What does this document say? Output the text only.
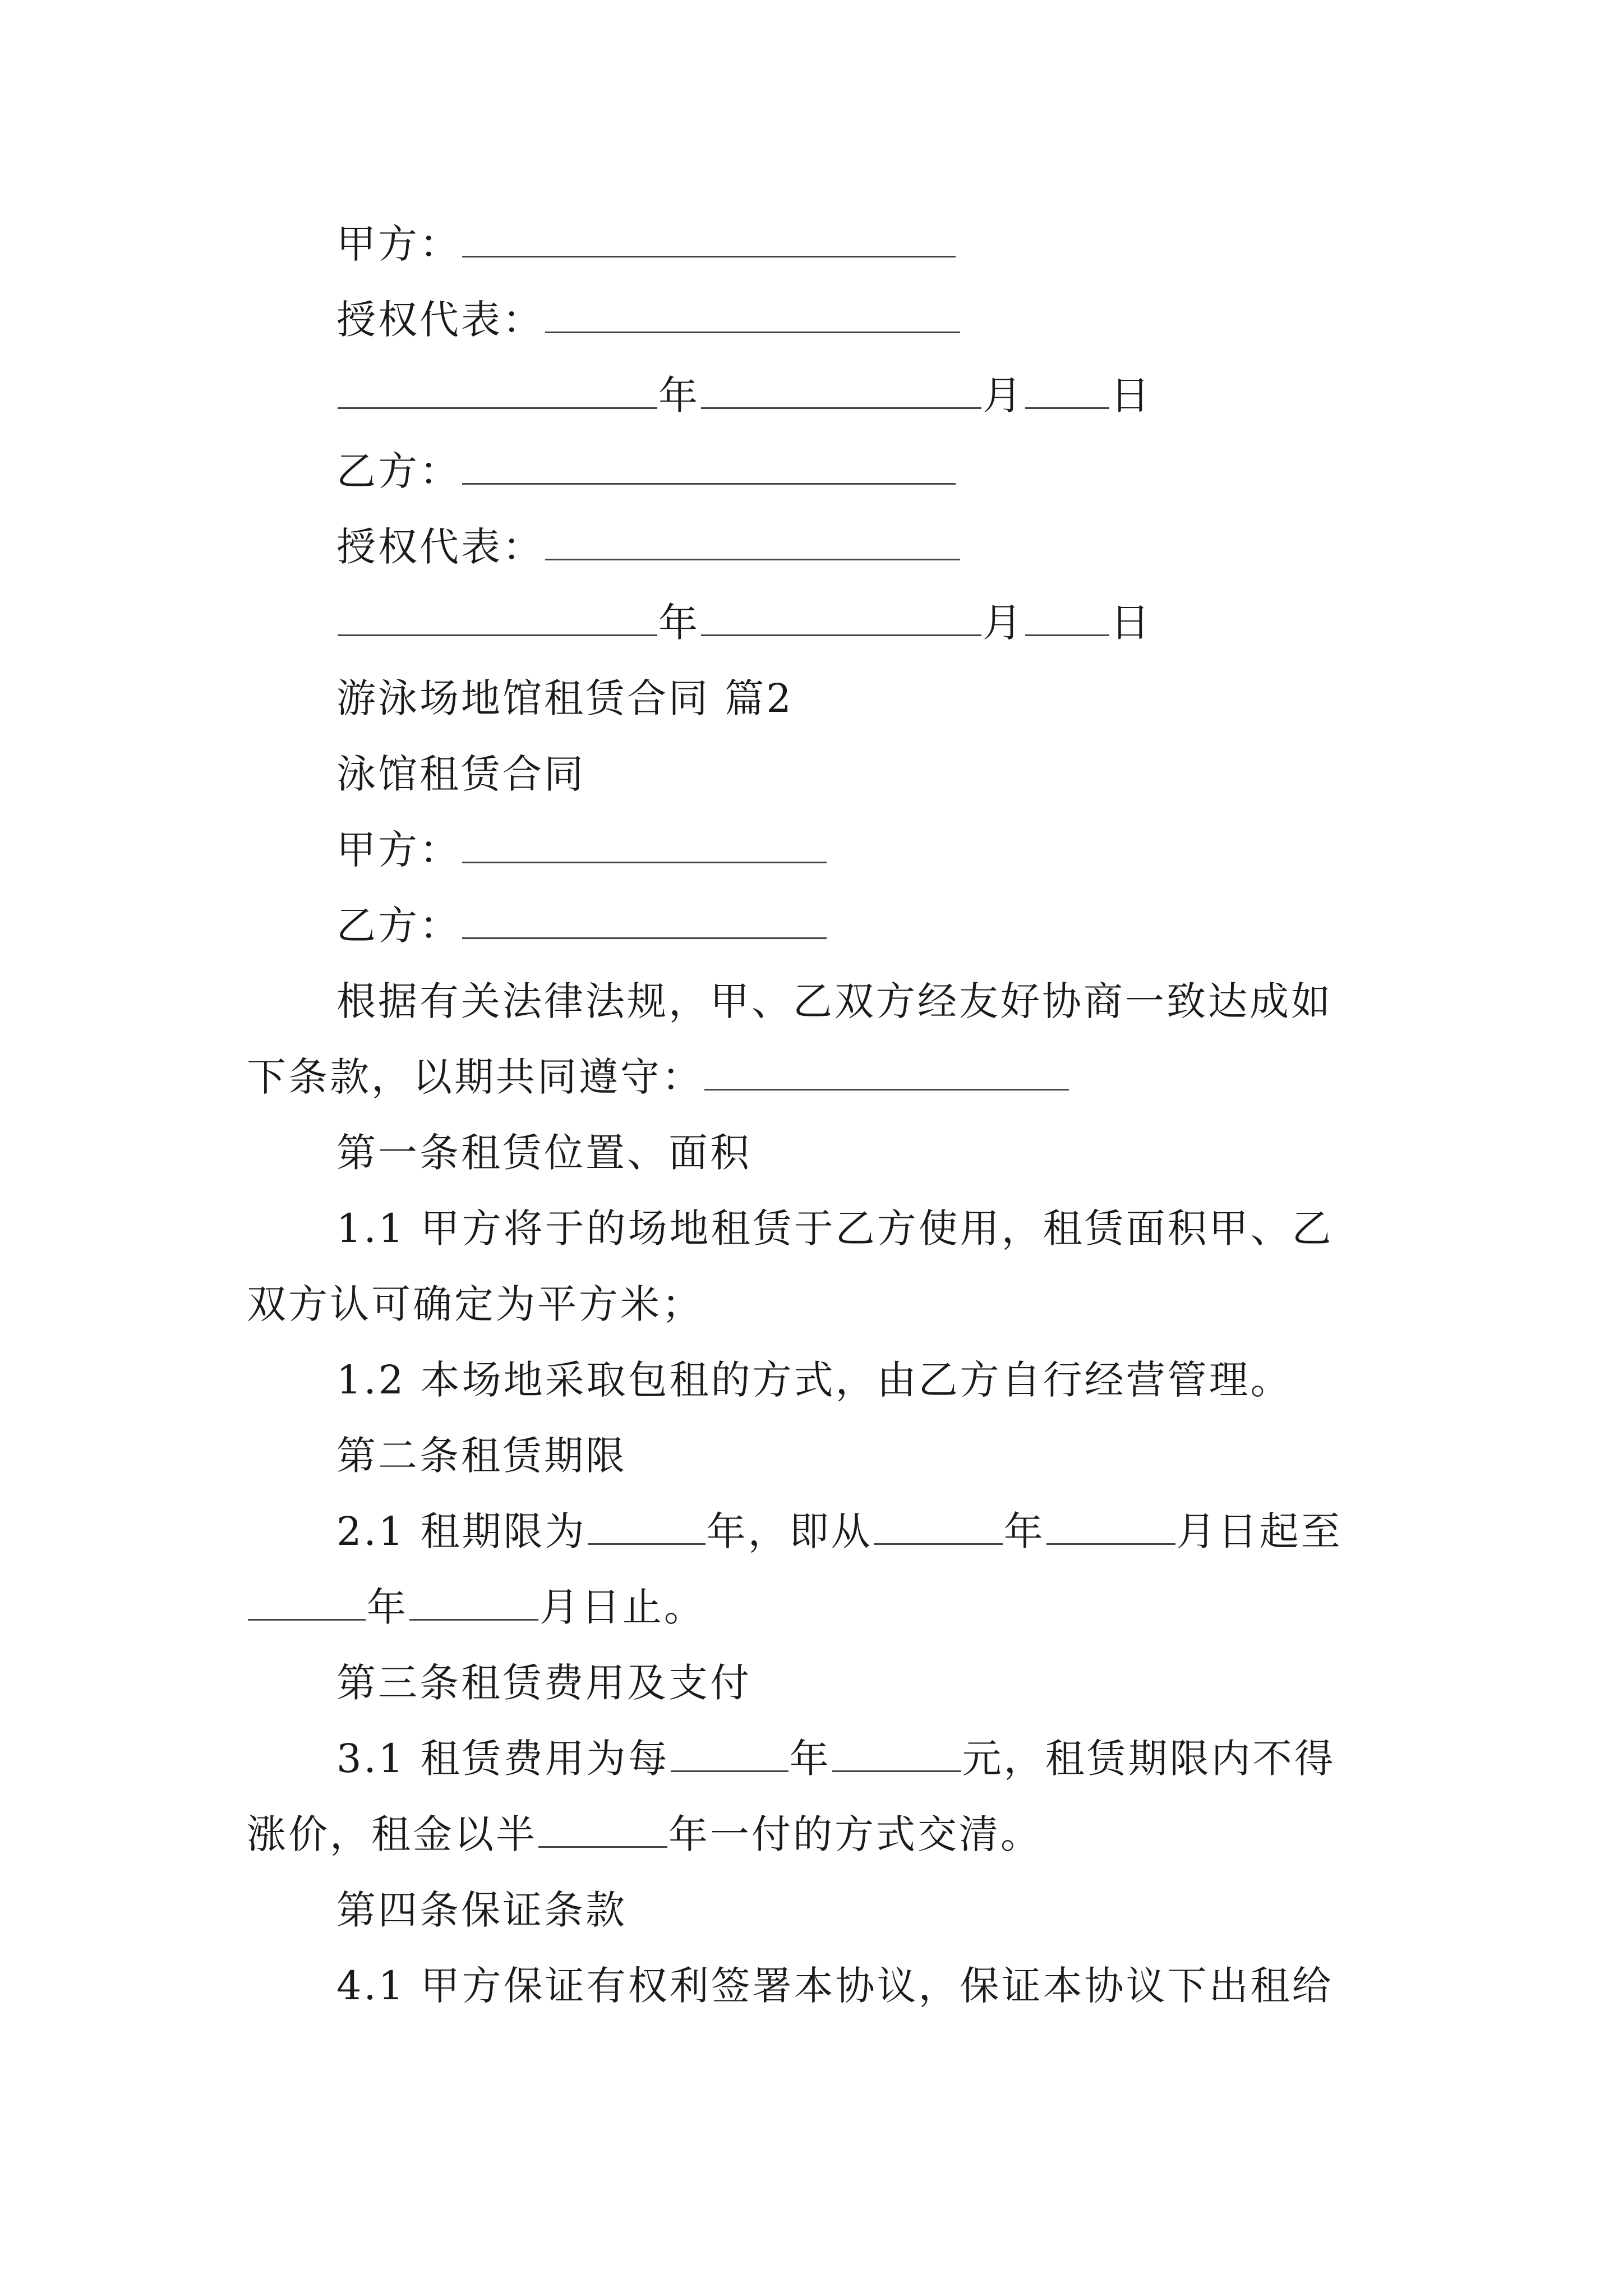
甲方：
授权代表：
年	月 日
乙方：
授权代表：
年	月 日
游泳场地馆租赁合同 篇2
泳馆租赁合同
甲方：
乙方：
根据有关法律法规，甲、乙双方经友好协商一致达成如
下条款，以期共同遵守：
第一条租赁位置、面积
1.1 甲方将于的场地租赁于乙方使用，租赁面积甲、乙
双方认可确定为平方米；
1.2 本场地采取包租的方式，由乙方自行经营管理。
第二条租赁期限
2.1 租期限为	年，即从	年	月日起至
年	月日止。
第三条租赁费用及支付
3.1 租赁费用为每	年	元，租赁期限内不得
涨价，租金以半	年一付的方式交清。
第四条保证条款
4.1 甲方保证有权利签署本协议，保证本协议下出租给
